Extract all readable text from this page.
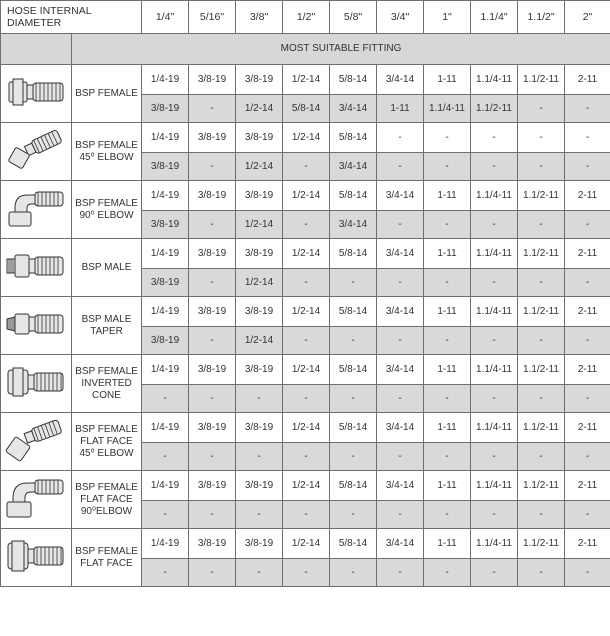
HOSE INTERNAL DIAMETER		1/4"	5/16"	3/8"	1/2"	5/8"	3/4"	1"	1.1/4"	1.1/2"	2"
	MOST SUITABLE FITTING										

	BSP FEMALE	1/4-19	3/8-19	3/8-19	1/2-14	5/8-14	3/4-14	1-11	1.1/4-11	1.1/2-11	2-11
		3/8-19	-	1/2-14	5/8-14	3/4-14	1-11	1.1/4-11	1.1/2-11	-	-

	BSP FEMALE 45⁰ ELBOW	1/4-19	3/8-19	3/8-19	1/2-14	5/8-14	-	-	-	-	-
		3/8-19	-	1/2-14	-	3/4-14	-	-	-	-	-

	BSP FEMALE 90⁰ ELBOW	1/4-19	3/8-19	3/8-19	1/2-14	5/8-14	3/4-14	1-11	1.1/4-11	1.1/2-11	2-11
		3/8-19	-	1/2-14	-	3/4-14	-	-	-	-	-

	BSP MALE	1/4-19	3/8-19	3/8-19	1/2-14	5/8-14	3/4-14	1-11	1.1/4-11	1.1/2-11	2-11
		3/8-19	-	1/2-14	-	-	-	-	-	-	-

	BSP MALE TAPER	1/4-19	3/8-19	3/8-19	1/2-14	5/8-14	3/4-14	1-11	1.1/4-11	1.1/2-11	2-11
		3/8-19	-	1/2-14	-	-	-	-	-	-	-

	BSP FEMALE INVERTED CONE	1/4-19	3/8-19	3/8-19	1/2-14	5/8-14	3/4-14	1-11	1.1/4-11	1.1/2-11	2-11
		-	-	-	-	-	-	-	-	-	-

	BSP FEMALE FLAT FACE 45⁰ ELBOW	1/4-19	3/8-19	3/8-19	1/2-14	5/8-14	3/4-14	1-11	1.1/4-11	1.1/2-11	2-11
		-	-	-	-	-	-	-	-	-	-

	BSP FEMALE FLAT FACE 90⁰ELBOW	1/4-19	3/8-19	3/8-19	1/2-14	5/8-14	3/4-14	1-11	1.1/4-11	1.1/2-11	2-11
		-	-	-	-	-	-	-	-	-	-

	BSP FEMALE FLAT FACE	1/4-19	3/8-19	3/8-19	1/2-14	5/8-14	3/4-14	1-11	1.1/4-11	1.1/2-11	2-11
		-	-	-	-	-	-	-	-	-	-
